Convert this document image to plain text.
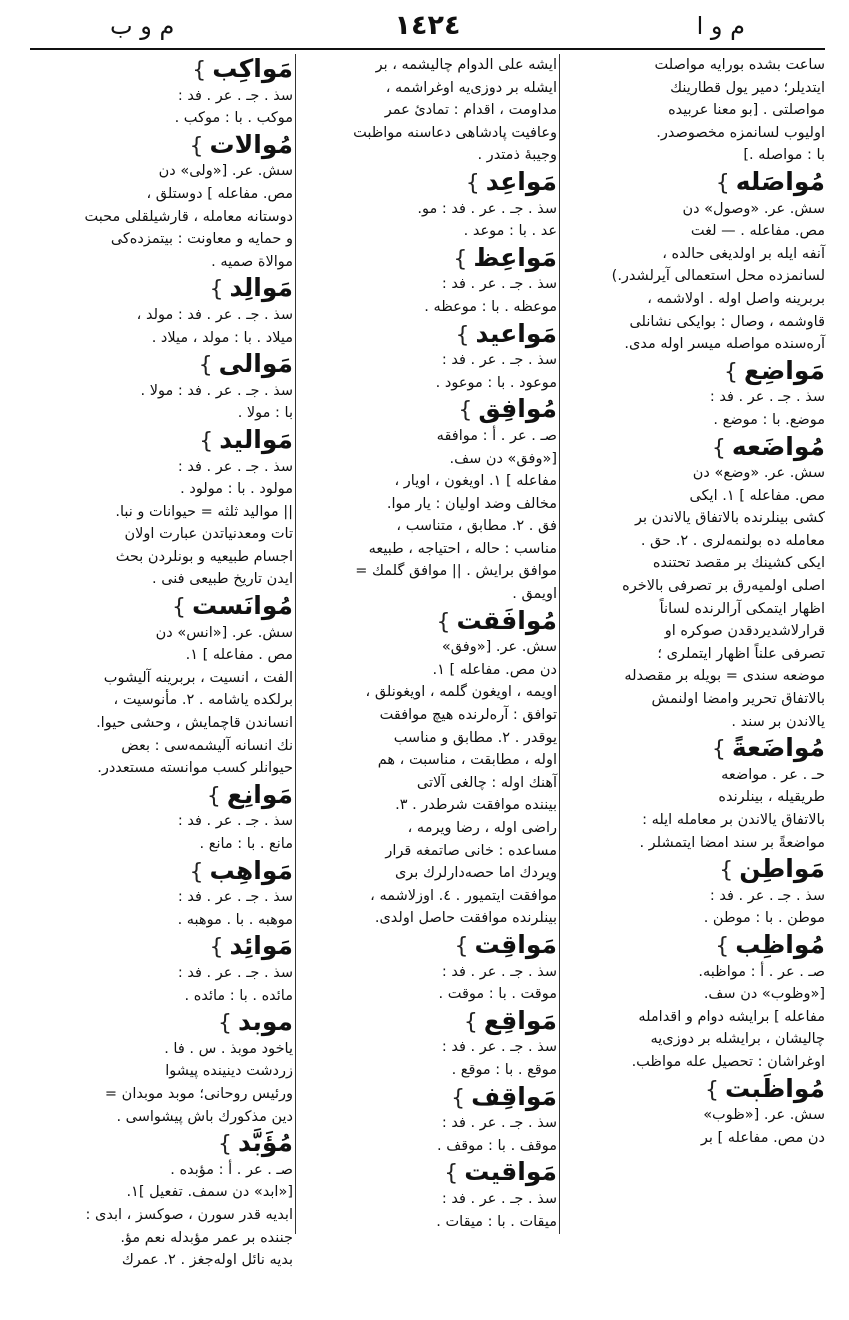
م و ا
١٤٢٤
م و ب
ساعت بشده بورايه مواصلت
ايتديلر؛ دمير يول قطارينك
مواصلتى . [بو معنا عربيده
اوليوب لسانمزه مخصوصدر.
با : مواصله .]
مُواصَله}
سش. عر. «وصول» دن
مص. مفاعله . — لغت
آنفه ايله بر اولديغى حالده ،
لسانمزده محل استعمالى آيرلشدر.)
بربرينه واصل اوله . اولاشمه ،
قاوشمه ، وصال : بوايكى نشانلى
آره‌سنده مواصله ميسر اوله مدى.
مَواضِع}
سذ . جـ . عر . فد :
موضع. با : موضع .
مُواضَعه}
سش. عر. «وضع» دن
مص. مفاعله ] ١. ايكى
كشى بينلرنده بالاتفاق يالاندن بر
معامله ده بولنمه‌لرى . ٢. حق .
ايكى كشينك بر مقصد تحتنده
اصلى اولميه‌رق بر تصرفى بالاخره
اظهار ايتمكى آرالرنده لساناً
قرارلاشديردقدن صوكره او
تصرفى علناً اظهار ايتملرى ؛
موضعه سندى = بويله بر مقصدله
بالاتفاق تحرير وامضا اولنمش
يالاندن بر سند .
مُواضَعةً}
حـ . عر . مواضعه
طريقيله ، بينلرنده
بالاتفاق يالاندن بر معامله ايله :
مواضعةً بر سند امضا ايتمشلر .
مَواطِن}
سذ . جـ . عر . فد :
موطن . با : موطن .
مُواظِب}
صـ . عر . أ : مواظبه.
[«وظوب» دن سف.
مفاعله ] برايشه دوام و اقدامله
چاليشان ، برايشله بر دوزى‌يه
اوغراشان : تحصيل عله مواظب.
مُواظَبت}
سش. عر. [«ظوب»
دن مص. مفاعله ] بر
ايشه على الدوام چاليشمه ، بر
ايشله بر دوزى‌يه اوغراشمه ،
مداومت ، اقدام : تمادئ عمر
وعافيت پادشاهى دعاسنه مواظبت
وجيبهٔ ذمتدر .
مَواعِد}
سذ . جـ . عر . فد : مو.
عد . با : موعد .
مَواعِظ}
سذ . جـ . عر . فد :
موعظه . با : موعظه .
مَواعيد}
سذ . جـ . عر . فد :
موعود . با : موعود .
مُوافِق}
صـ . عر . أ : موافقه
[«وفق» دن سف.
مفاعله ] ١. اويغون ، اويار ،
مخالف وضد اوليان : يار موا.
فق . ٢. مطابق ، متناسب ،
مناسب : حاله ، احتياجه ، طبيعه
موافق برايش . || موافق گلمك =
اويمق .
مُوافَقت}
سش. عر. [«وفق»
دن مص. مفاعله ] ١.
اويمه ، اويغون گلمه ، اويغونلق ،
توافق : آره‌لرنده هيچ موافقت
يوقدر . ٢. مطابق و مناسب
اوله ، مطابقت ، مناسبت ، هم
آهنك اوله : چالغى آلاتى
بيننده موافقت شرطدر . ٣.
راضى اوله ، رضا ويرمه ،
مساعده : خانى صاتمغه قرار
ويردك اما حصه‌دارلرك برى
موافقت ايتميور . ٤. اوزلاشمه ،
بينلرنده موافقت حاصل اولدى.
مَواقِت}
سذ . جـ . عر . فد :
موقت . با : موقت .
مَواقِع}
سذ . جـ . عر . فد :
موقع . با : موقع .
مَواقِف}
سذ . جـ . عر . فد :
موقف . با : موقف .
مَواقيت}
سذ . جـ . عر . فد :
ميقات . با : ميقات .
مَواكِب}
سذ . جـ . عر . فد :
موكب . با : موكب .
مُوالات}
سش. عر. [«ولى» دن
مص. مفاعله ] دوستلق ،
دوستانه معامله ، قارشيلقلى محبت
و حمايه و معاونت : بيتمزده‌كى
موالاة صميه .
مَوالِد}
سذ . جـ . عر . فد : مولد ،
ميلاد . با : مولد ، ميلاد .
مَوالى}
سذ . جـ . عر . فد : مولا .
با : مولا .
مَواليد}
سذ . جـ . عر . فد :
مولود . با : مولود .
|| مواليد ثلثه = حيوانات و نبا.
تات ومعدنياتدن عبارت اولان
اجسام طبيعيه و بونلردن بحث
ايدن تاريخ طبيعى فنى .
مُوانَست}
سش. عر. [«انس» دن
مص . مفاعله ] ١.
الفت ، انسيت ، بربرينه آليشوب
برلكده ياشامه . ٢. مأنوسيت ،
انساندن قاچمايش ، وحشى حيوا.
نك انسانه آليشمه‌سى : بعض
حيوانلر كسب موانسته مستعددر.
مَوانِع}
سذ . جـ . عر . فد :
مانع . با : مانع .
مَواهِب}
سذ . جـ . عر . فد :
موهبه . با . موهبه .
مَوائِد}
سذ . جـ . عر . فد :
مائده . با : مائده .
موبد}
ياخود موبذ . س . فا .
زردشت دينينده پيشوا
ورئيس روحانى؛ موبد موبدان =
دين مذكورك باش پيشواسى .
مُؤَبَّد}
صـ . عر . أ : مؤبده .
[«ابد» دن سمف. تفعيل ]١.
ابديه قدر سورن ، صوكسز ، ابدى :
جننده بر عمر مؤبدله نعم مؤ.
بديه نائل اوله‌جغز . ٢. عمرك
